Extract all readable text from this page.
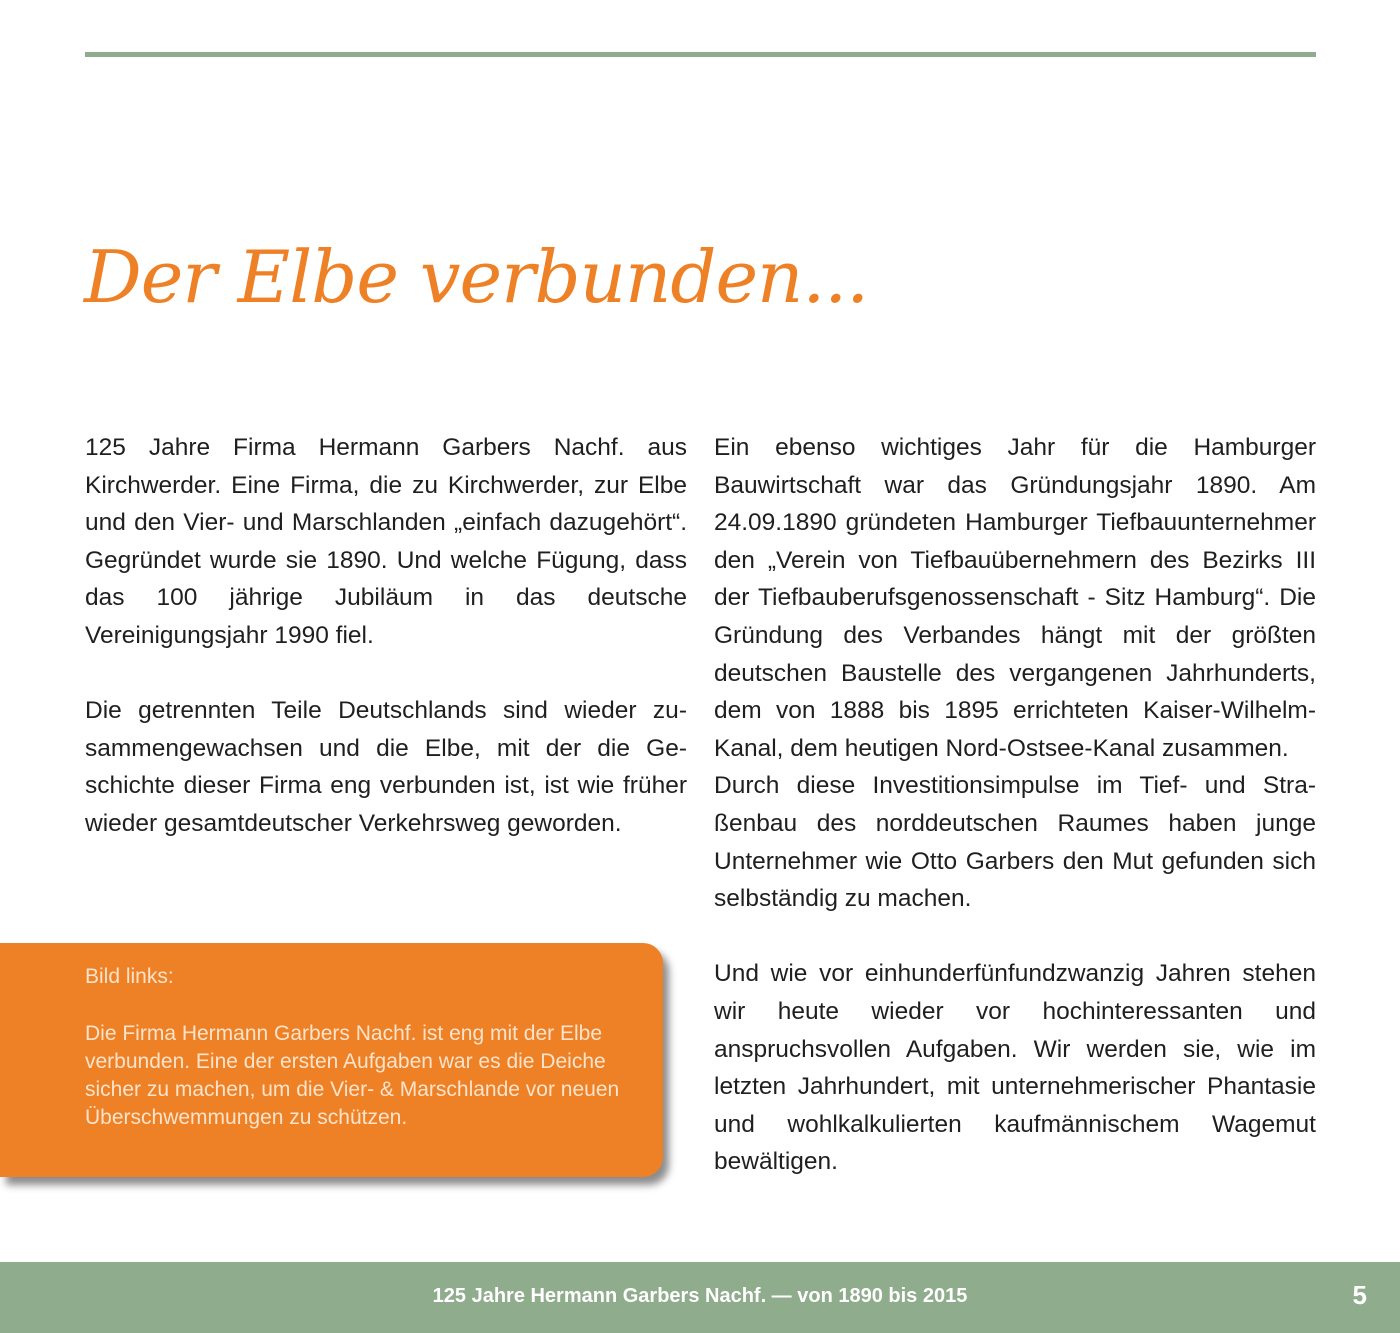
Der Elbe verbunden...

125 Jahre Firma Hermann Garbers Nachf. aus Kirchwerder. Eine Firma, die zu Kirchwerder, zur Elbe und den Vier- und Marschlanden „einfach dazugehört“. Gegründet wurde sie 1890. Und welche Fügung, dass das 100 jährige Jubiläum in das deutsche Vereinigungsjahr 1990 fiel.

Die getrennten Teile Deutschlands sind wieder zusammengewachsen und die Elbe, mit der die Geschichte dieser Firma eng verbunden ist, ist wie früher wieder gesamtdeutscher Verkehrsweg geworden.

Ein ebenso wichtiges Jahr für die Hamburger Bauwirtschaft war das Gründungsjahr 1890. Am 24.09.1890 gründeten Hamburger Tiefbauunternehmer den „Verein von Tiefbauübernehmern des Bezirks III der Tiefbauberufsgenossenschaft - Sitz Hamburg“. Die Gründung des Verbandes hängt mit der größten deutschen Baustelle des vergangenen Jahrhunderts, dem von 1888 bis 1895 errichteten Kaiser-Wilhelm-Kanal, dem heutigen Nord-Ostsee-Kanal zusammen.

Durch diese Investitionsimpulse im Tief- und Straßenbau des norddeutschen Raumes haben junge Unternehmer wie Otto Garbers den Mut gefunden sich selbständig zu machen.

Und wie vor einhunderfünfundzwanzig Jahren stehen wir heute wieder vor hochinteressanten und anspruchsvollen Aufgaben. Wir werden sie, wie im letzten Jahrhundert, mit unternehmerischer Phantasie und wohlkalkulierten kaufmännischem Wagemut bewältigen.

Bild links:

Die Firma Hermann Garbers Nachf. ist eng mit der Elbe verbunden. Eine der ersten Aufgaben war es die Deiche sicher zu machen, um die Vier- & Marschlande vor neuen Überschwemmungen zu schützen.

125 Jahre Hermann Garbers Nachf. — von 1890 bis 2015	5
